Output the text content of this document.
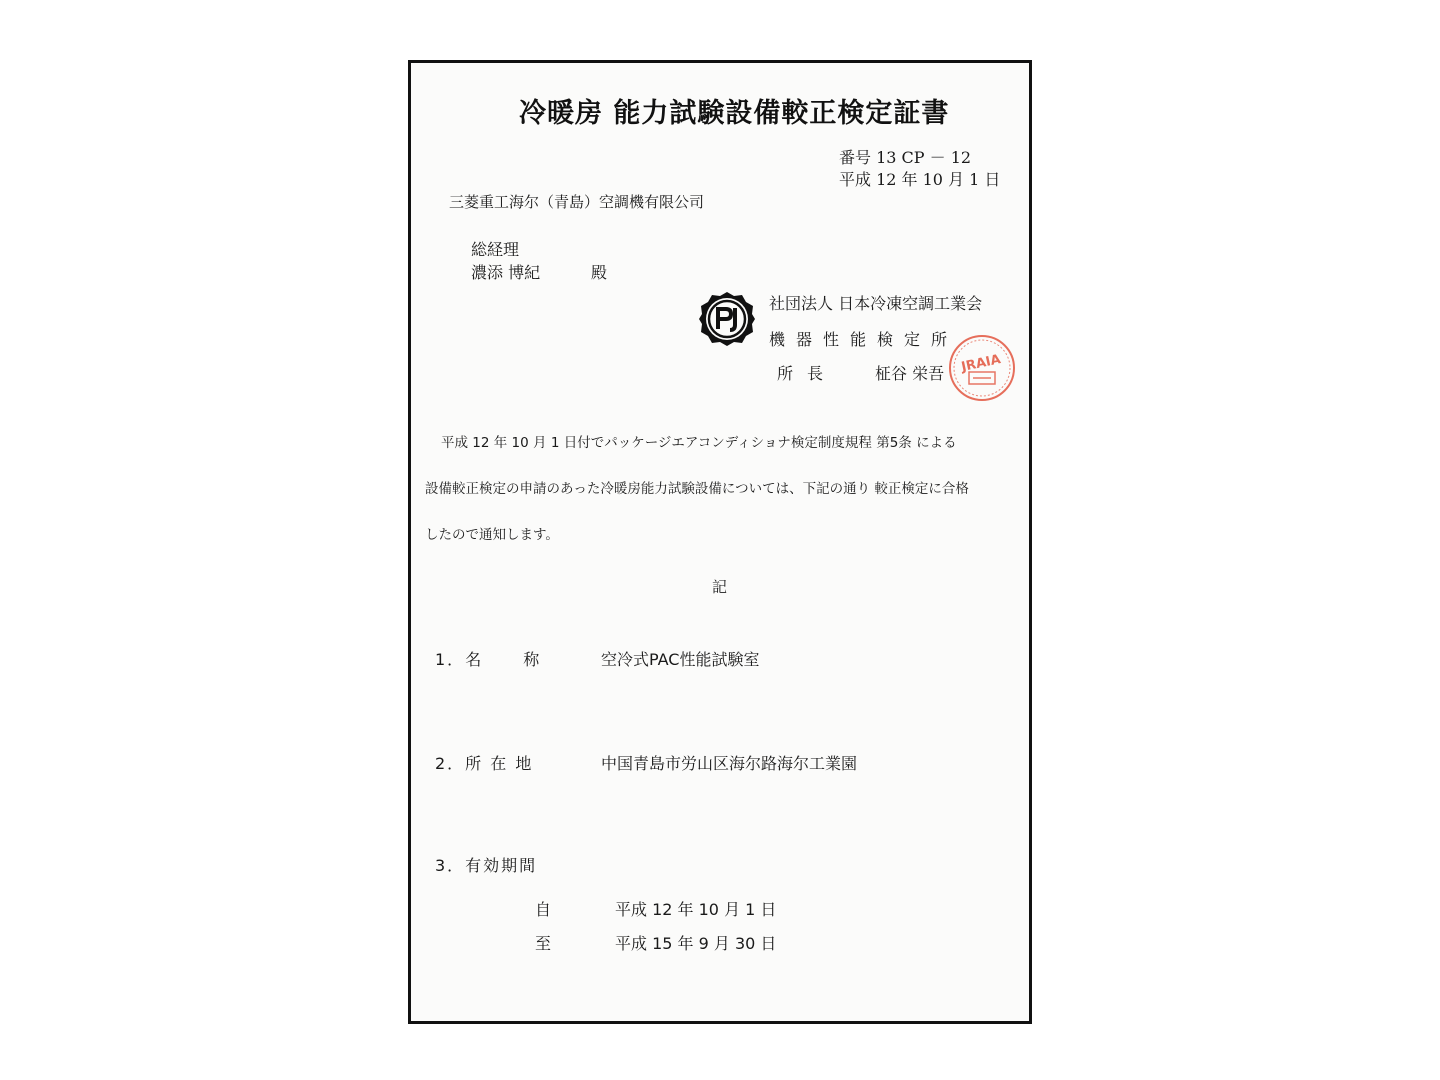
冷暖房 能力試験設備較正検定証書
番号 13 CP － 12
平成 12 年 10 月 1 日
三菱重工海尔（青島）空調機有限公司
総経理
濃添 博紀	殿
社団法人 日本冷凍空調工業会
機器性能検定所
所長 柾谷 栄吾 JRAIA
平成 12 年 10 月 1 日付でパッケージエアコンディショナ検定制度規程 第5条 による
設備較正検定の申請のあった冷暖房能力試験設備については、下記の通り 較正検定に合格
したので通知します。
記
1．名	称	空冷式PAC性能試験室
2．所 在 地	中国青島市労山区海尔路海尔工業園
3．有効期間
自	平成 12 年 10 月 1 日
至	平成 15 年 9 月 30 日
